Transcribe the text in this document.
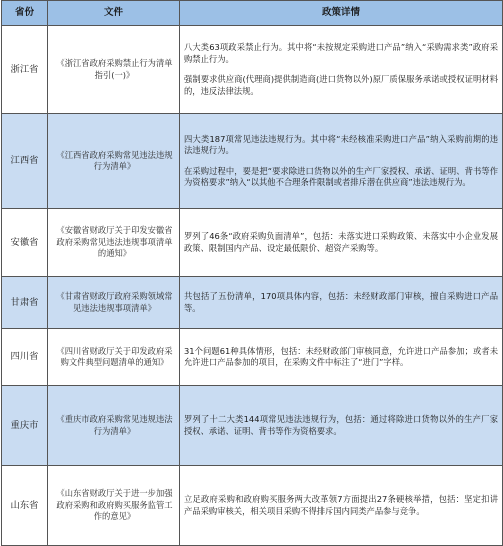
省份	文件	政策详情
浙江省	《浙江省政府采购禁止行为清单指引(一)》	八大类63项政采禁止行为。其中将“未按规定采购进口产品”纳入“采购需求类”政府采购禁止行为。

强制要求供应商(代理商)提供制造商(进口货物以外)原厂质保服务承诺或授权证明材料的，违反法律法规。

江西省	《江西省政府采购常见违法违规行为清单》	四大类187项常见违法违规行为。其中将“未经核准采购进口产品”纳入采购前期的违法违规行为。

在采购过程中，要是把“要求除进口货物以外的生产厂家授权、承诺、证明、背书等作为资格要求”纳入“以其他不合理条件限制或者排斥潜在供应商”违法违规行为。

安徽省	《安徽省财政厅关于印发安徽省政府采购常见违法违规事项清单的通知》	罗列了46条“政府采购负面清单”，包括：未落实进口采购政策、未落实中小企业发展政策、限制国内产品、设定最低限价、超资产采购等。

甘肃省	《甘肃省财政厅政府采购领域常见违法违规事项清单》	共包括了五份清单，170项具体内容，包括：未经财政部门审核，擅自采购进口产品等。

四川省	《四川省财政厅关于印发政府采购文件典型问题清单的通知》	31个问题61种具体情形，包括：未经财政部门审核同意，允许进口产品参加；或者未允许进口产品参加的项目，在采购文件中标注了“进门”字样。

重庆市	《重庆市政府采购常见违规违法行为清单》	罗列了十二大类144项常见违法违规行为，包括：通过将除进口货物以外的生产厂家授权、承诺、证明、背书等作为资格要求。

山东省	《山东省财政厅关于进一步加强政府采购和政府购买服务监管工作的意见》	立足政府采购和政府购买服务两大改革领7方面提出27条硬核举措，包括：坚定扣讲产品采购审核关，相关项目采购不得排斥国内同类产品参与竞争。
